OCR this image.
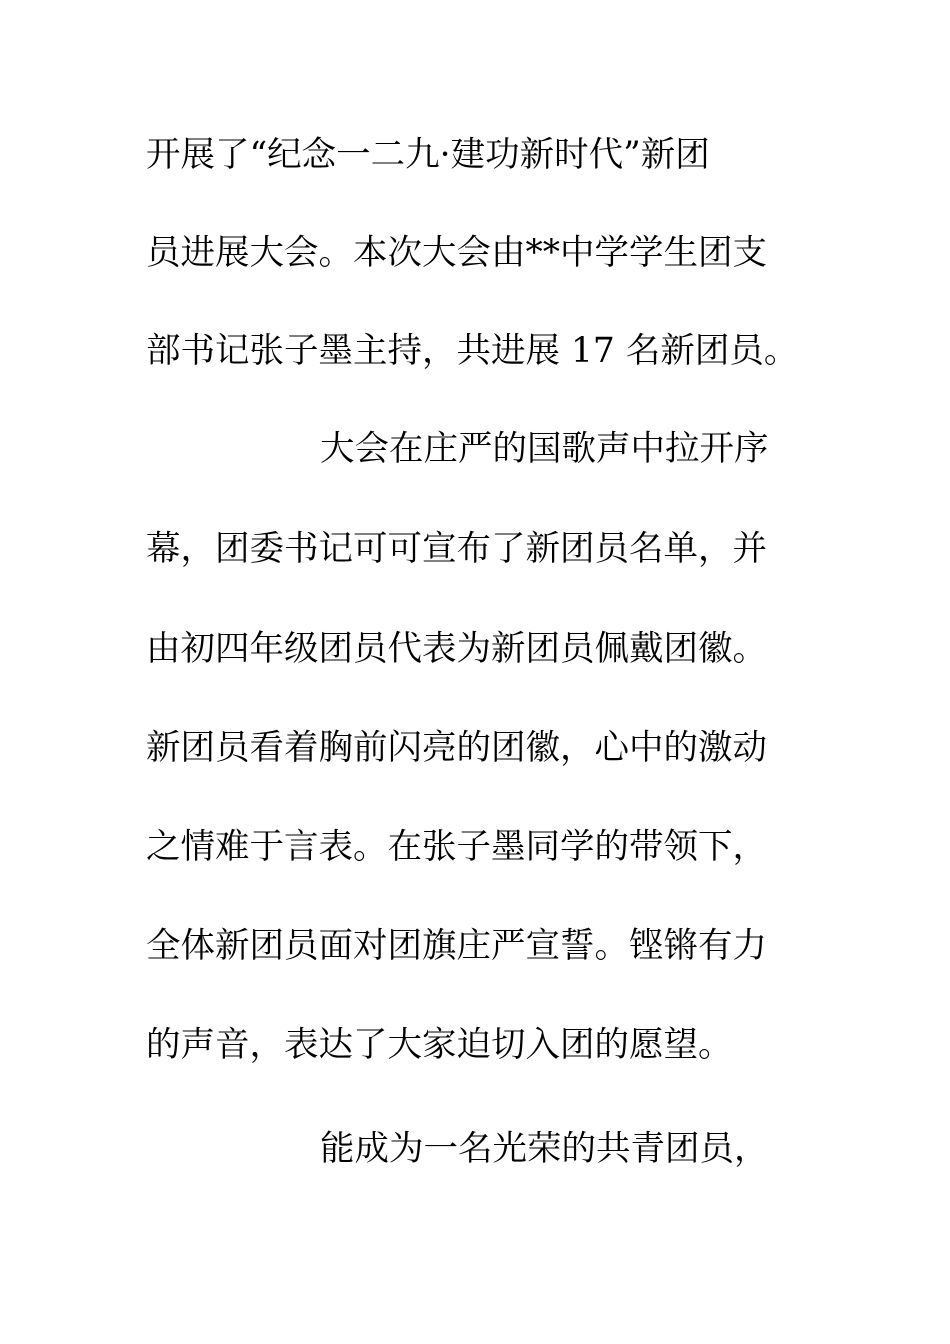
开展了“纪念一二九·建功新时代”新团
员进展大会。本次大会由**中学学生团支
部书记张子墨主持，共进展 17 名新团员。
大会在庄严的国歌声中拉开序
幕，团委书记可可宣布了新团员名单，并
由初四年级团员代表为新团员佩戴团徽。
新团员看着胸前闪亮的团徽，心中的激动
之情难于言表。在张子墨同学的带领下，
全体新团员面对团旗庄严宣誓。铿锵有力
的声音，表达了大家迫切入团的愿望。
能成为一名光荣的共青团员，
